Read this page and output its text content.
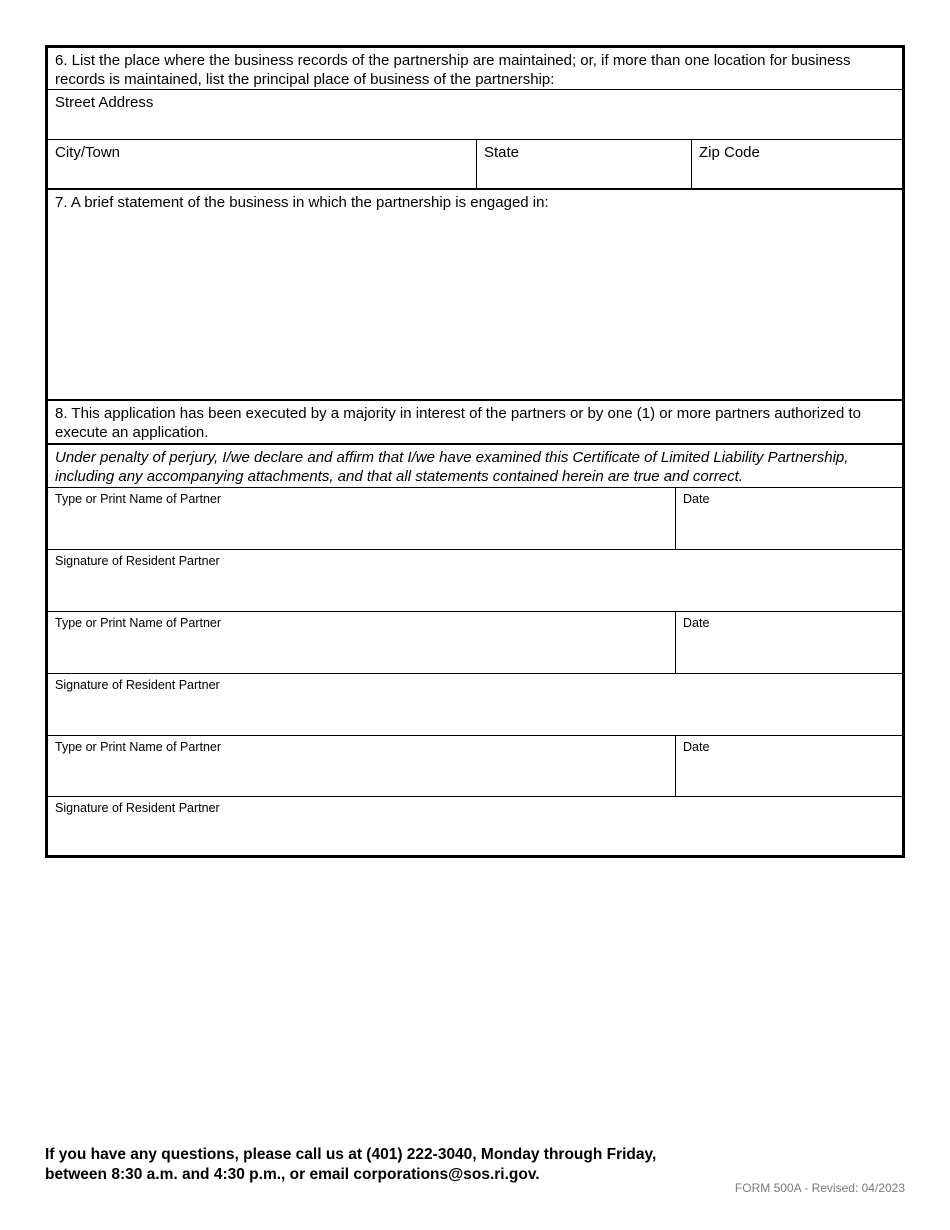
6. List the place where the business records of the partnership are maintained; or, if more than one location for business records is maintained, list the principal place of business of the partnership:
Street Address
City/Town	State	Zip Code
7. A brief statement of the business in which the partnership is engaged in:
8. This application has been executed by a majority in interest of the partners or by one (1) or more partners authorized to execute an application.
Under penalty of perjury, I/we declare and affirm that I/we have examined this Certificate of Limited Liability Partnership, including any accompanying attachments, and that all statements contained herein are true and correct.
Type or Print Name of Partner	Date
Signature of Resident Partner
Type or Print Name of Partner	Date
Signature of Resident Partner
Type or Print Name of Partner	Date
Signature of Resident Partner
If you have any questions, please call us at (401) 222-3040, Monday through Friday,
between 8:30 a.m. and 4:30 p.m., or email corporations@sos.ri.gov.
FORM 500A - Revised: 04/2023
